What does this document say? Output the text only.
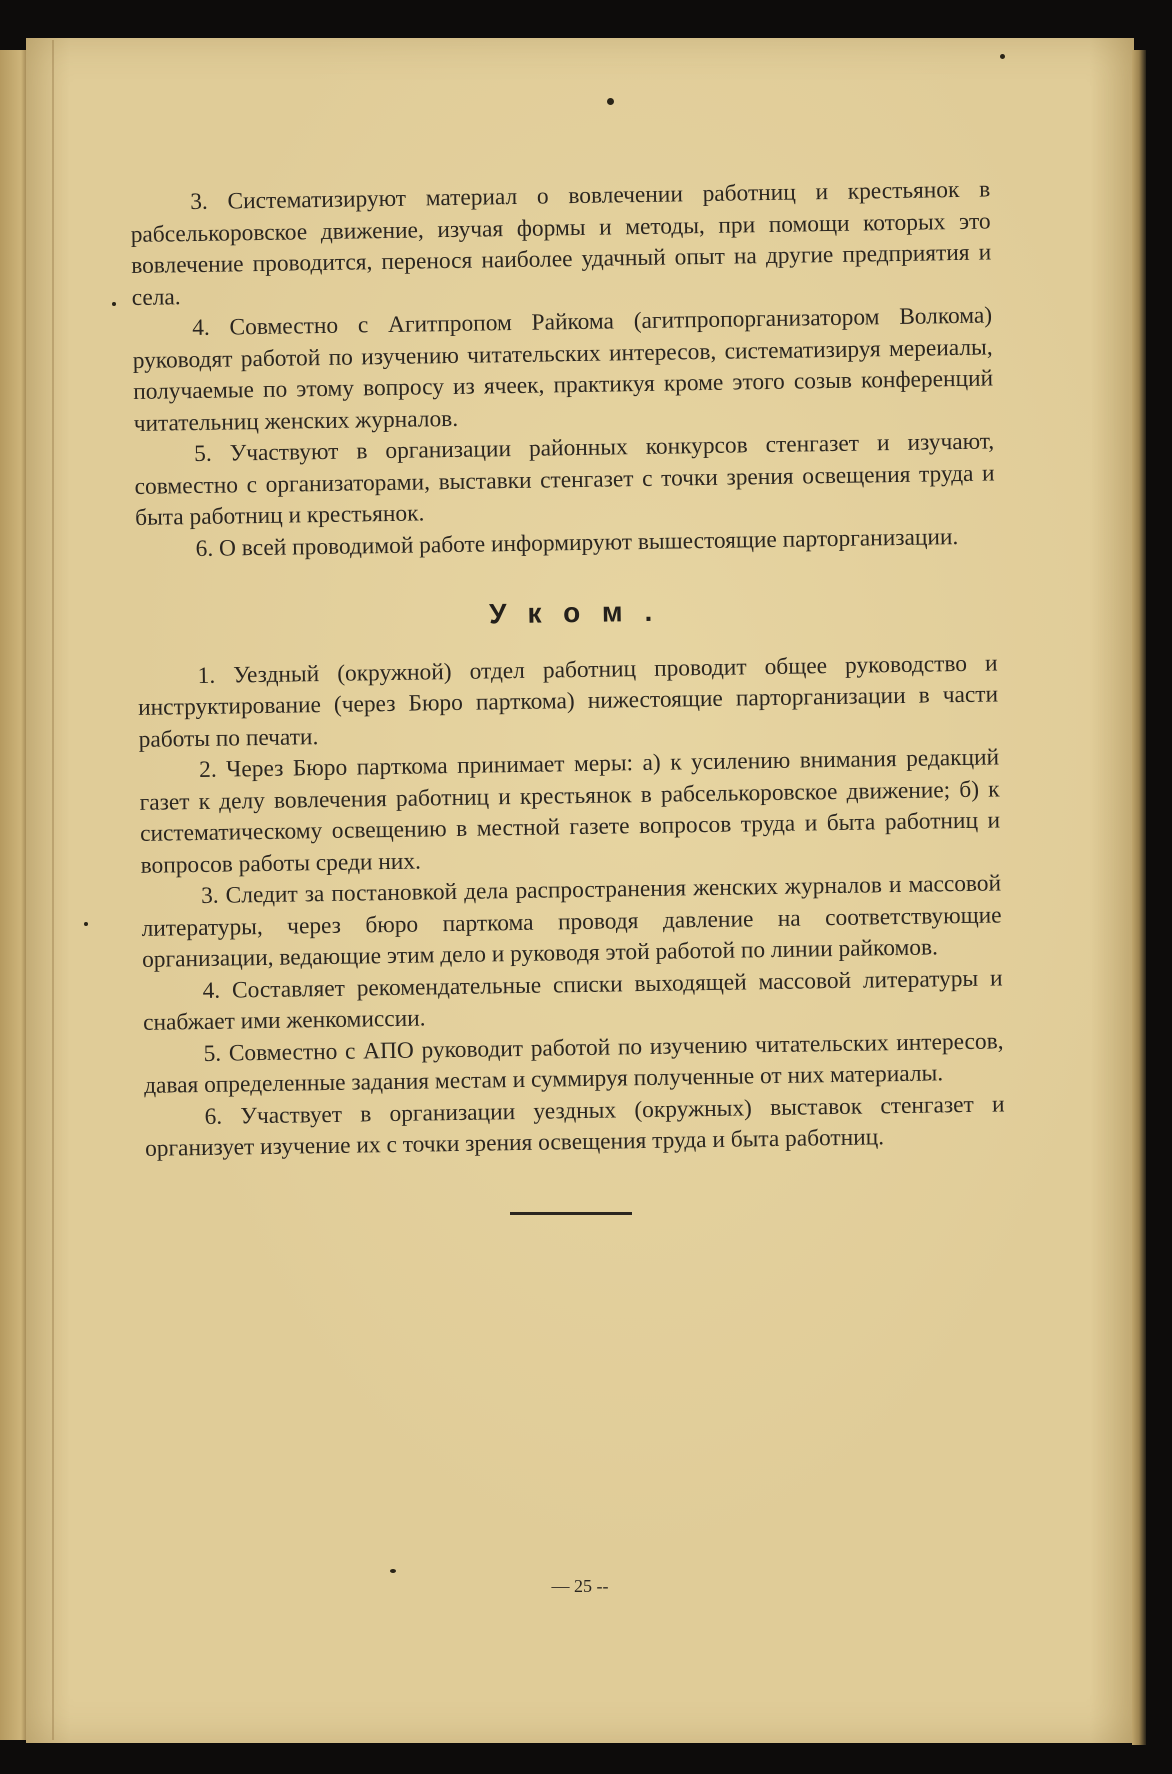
3. Систематизируют материал о вовлечении работниц и крестьянок в рабселькоровское движение, изучая формы и методы, при помощи которых это вовлечение проводится, перенося наиболее удачный опыт на другие предприятия и села.

4. Совместно с Агитпропом Райкома (агитпропорганизатором Волкома) руководят работой по изучению читательских интересов, систематизируя мереиалы, получаемые по этому вопросу из ячеек, практикуя кроме этого созыв конференций читательниц женских журналов.

5. Участвуют в организации районных конкурсов стенгазет и изучают, совместно с организаторами, выставки стенгазет с точки зрения освещения труда и быта работниц и крестьянок.

6. О всей проводимой работе информируют вышестоящие парторганизации.

Уком.

1. Уездный (окружной) отдел работниц проводит общее руководство и инструктирование (через Бюро парткома) нижестоящие парторганизации в части работы по печати.

2. Через Бюро парткома принимает меры: а) к усилению внимания редакций газет к делу вовлечения работниц и крестьянок в рабселькоровское движение; б) к систематическому освещению в местной газете вопросов труда и быта работниц и вопросов работы среди них.

3. Следит за постановкой дела распространения женских журналов и массовой литературы, через бюро парткома проводя давление на соответствующие организации, ведающие этим дело и руководя этой работой по линии райкомов.

4. Составляет рекомендательные списки выходящей массовой литературы и снабжает ими женкомиссии.

5. Совместно с АПО руководит работой по изучению читательских интересов, давая определенные задания местам и суммируя полученные от них материалы.

6. Участвует в организации уездных (окружных) выставок стенгазет и организует изучение их с точки зрения освещения труда и быта работниц.

— 25 --
